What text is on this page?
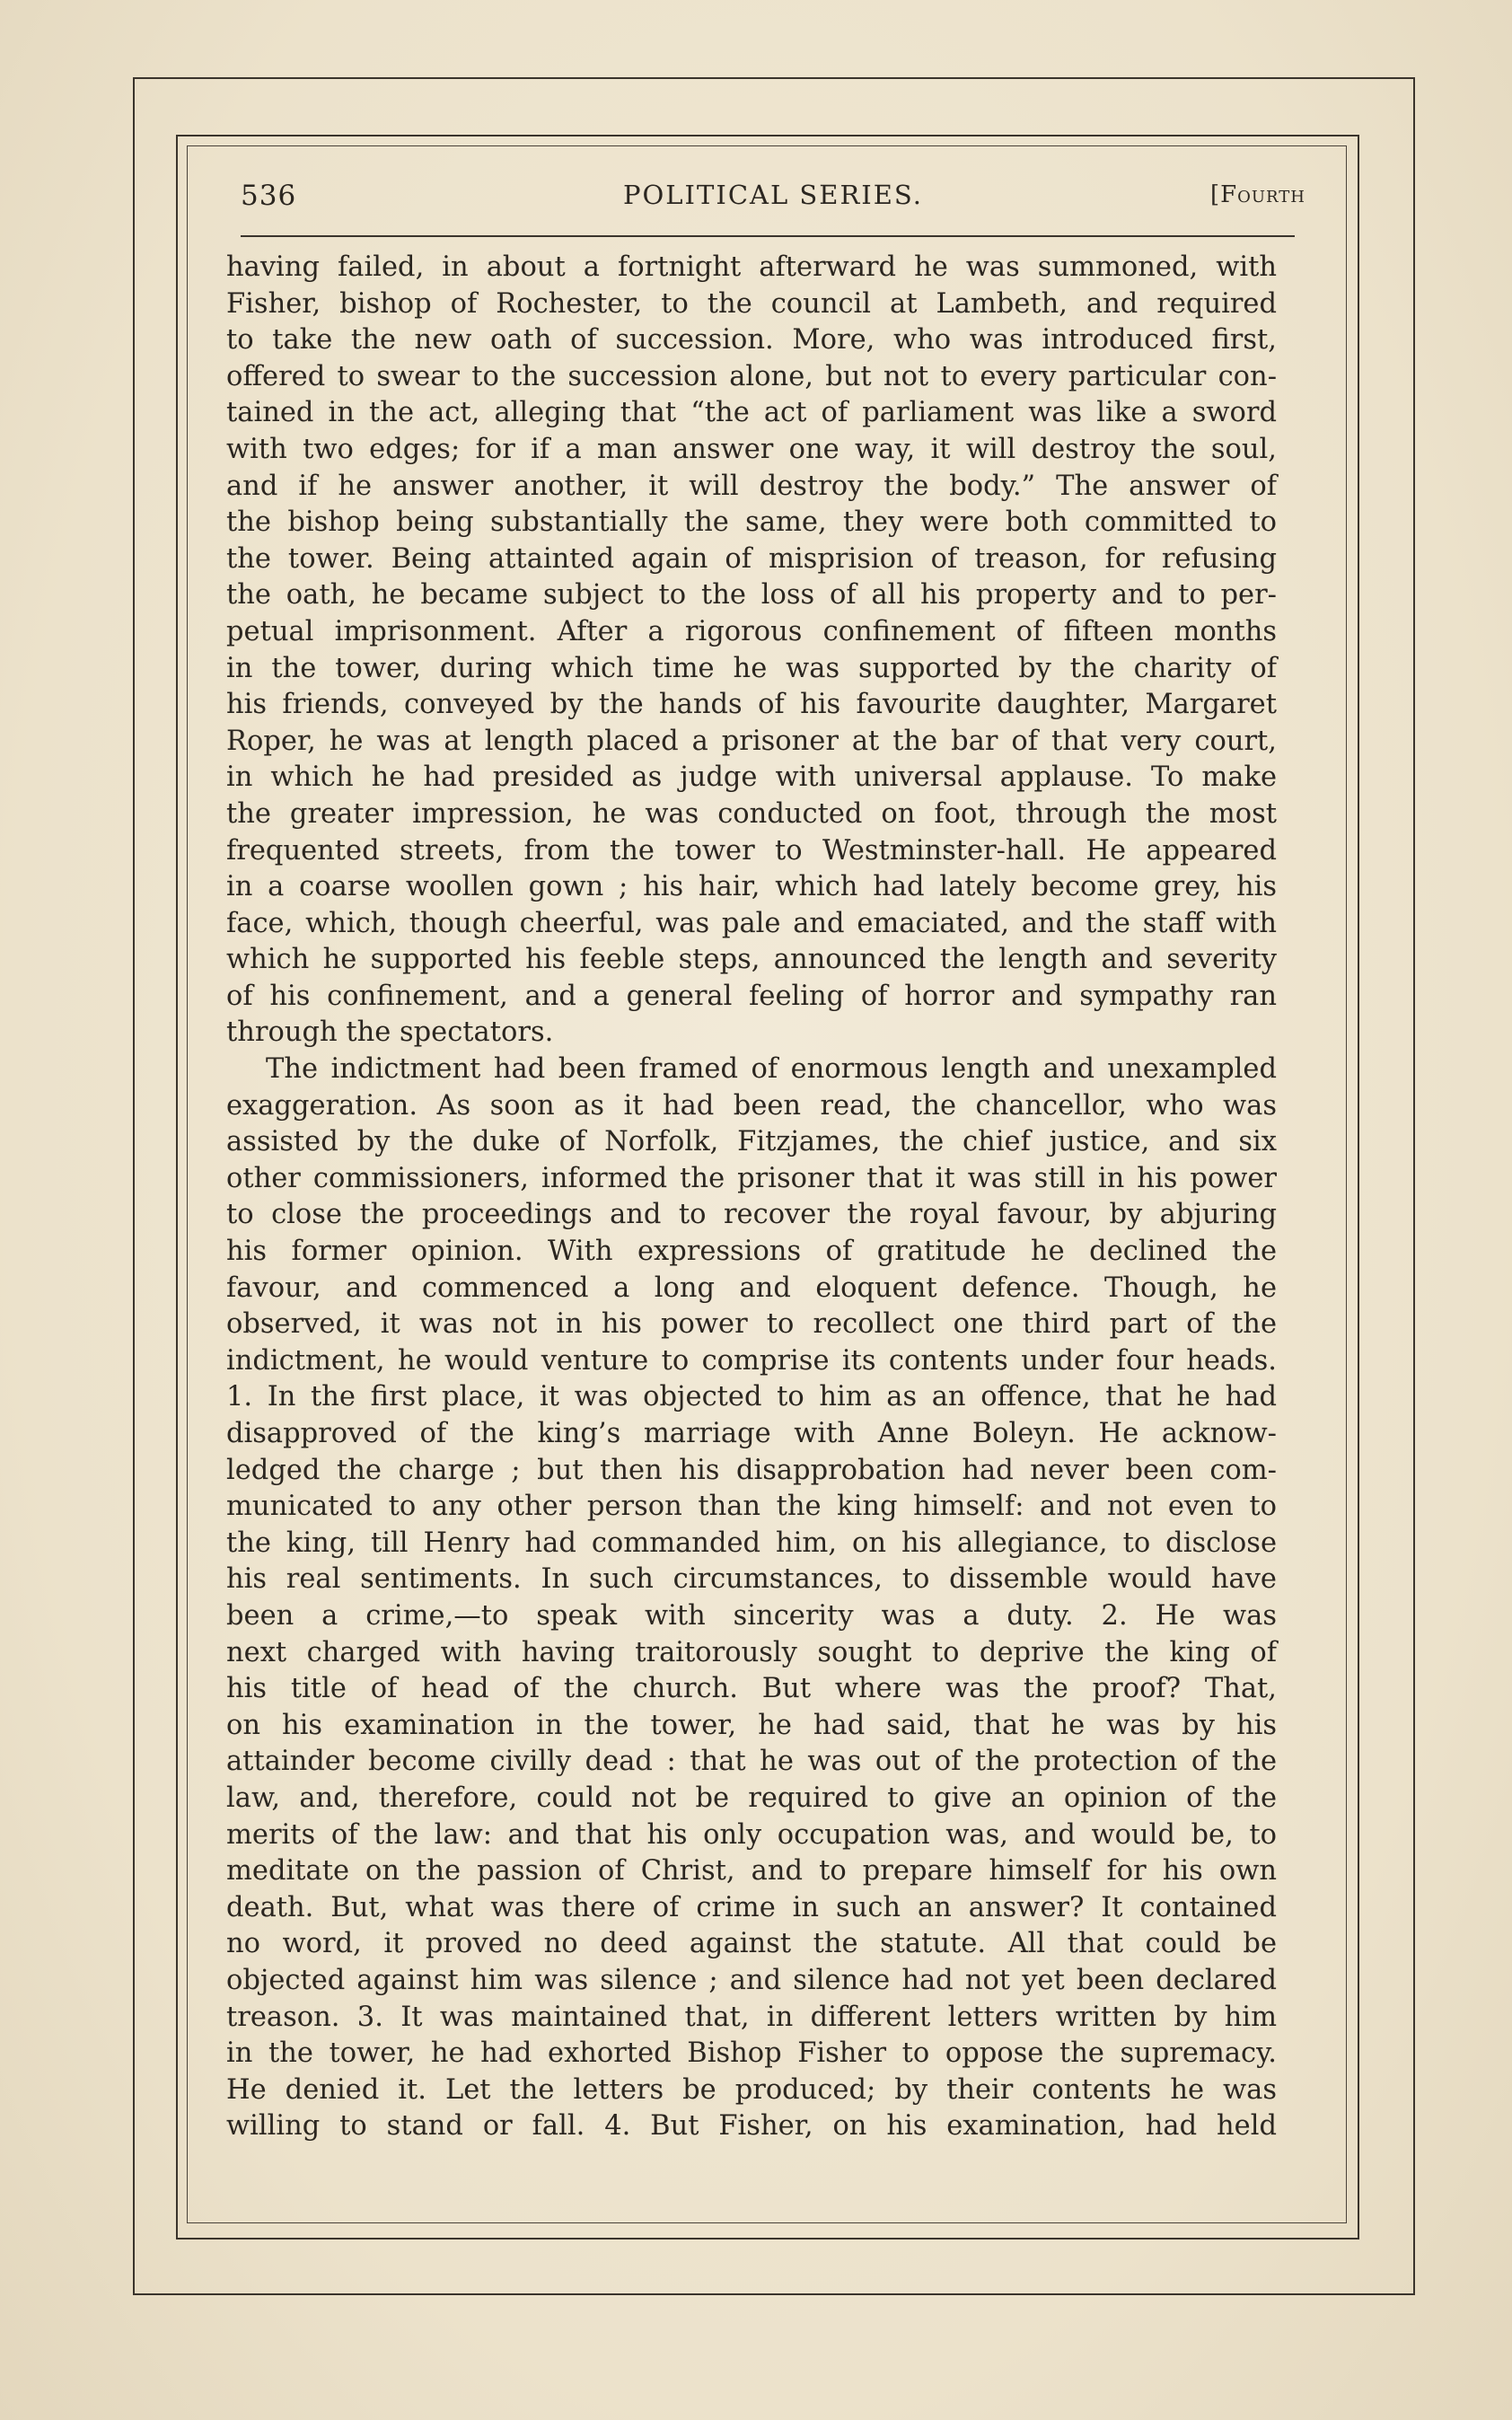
536	POLITICAL SERIES.	[Fourth
having failed, in about a fortnight afterward he was summoned, with
Fisher, bishop of Rochester, to the council at Lambeth, and required
to take the new oath of succession. More, who was introduced first,
offered to swear to the succession alone, but not to every particular con-
tained in the act, alleging that “the act of parliament was like a sword
with two edges; for if a man answer one way, it will destroy the soul,
and if he answer another, it will destroy the body.” The answer of
the bishop being substantially the same, they were both committed to
the tower. Being attainted again of misprision of treason, for refusing
the oath, he became subject to the loss of all his property and to per-
petual imprisonment. After a rigorous confinement of fifteen months
in the tower, during which time he was supported by the charity of
his friends, conveyed by the hands of his favourite daughter, Margaret
Roper, he was at length placed a prisoner at the bar of that very court,
in which he had presided as judge with universal applause. To make
the greater impression, he was conducted on foot, through the most
frequented streets, from the tower to Westminster-hall. He appeared
in a coarse woollen gown ; his hair, which had lately become grey, his
face, which, though cheerful, was pale and emaciated, and the staff with
which he supported his feeble steps, announced the length and severity
of his confinement, and a general feeling of horror and sympathy ran
through the spectators.
The indictment had been framed of enormous length and unexampled
exaggeration. As soon as it had been read, the chancellor, who was
assisted by the duke of Norfolk, Fitzjames, the chief justice, and six
other commissioners, informed the prisoner that it was still in his power
to close the proceedings and to recover the royal favour, by abjuring
his former opinion. With expressions of gratitude he declined the
favour, and commenced a long and eloquent defence. Though, he
observed, it was not in his power to recollect one third part of the
indictment, he would venture to comprise its contents under four heads.
1. In the first place, it was objected to him as an offence, that he had
disapproved of the king’s marriage with Anne Boleyn. He acknow-
ledged the charge ; but then his disapprobation had never been com-
municated to any other person than the king himself: and not even to
the king, till Henry had commanded him, on his allegiance, to disclose
his real sentiments. In such circumstances, to dissemble would have
been a crime,—to speak with sincerity was a duty. 2. He was
next charged with having traitorously sought to deprive the king of
his title of head of the church. But where was the proof? That,
on his examination in the tower, he had said, that he was by his
attainder become civilly dead : that he was out of the protection of the
law, and, therefore, could not be required to give an opinion of the
merits of the law: and that his only occupation was, and would be, to
meditate on the passion of Christ, and to prepare himself for his own
death. But, what was there of crime in such an answer? It contained
no word, it proved no deed against the statute. All that could be
objected against him was silence ; and silence had not yet been declared
treason. 3. It was maintained that, in different letters written by him
in the tower, he had exhorted Bishop Fisher to oppose the supremacy.
He denied it. Let the letters be produced; by their contents he was
willing to stand or fall. 4. But Fisher, on his examination, had held
